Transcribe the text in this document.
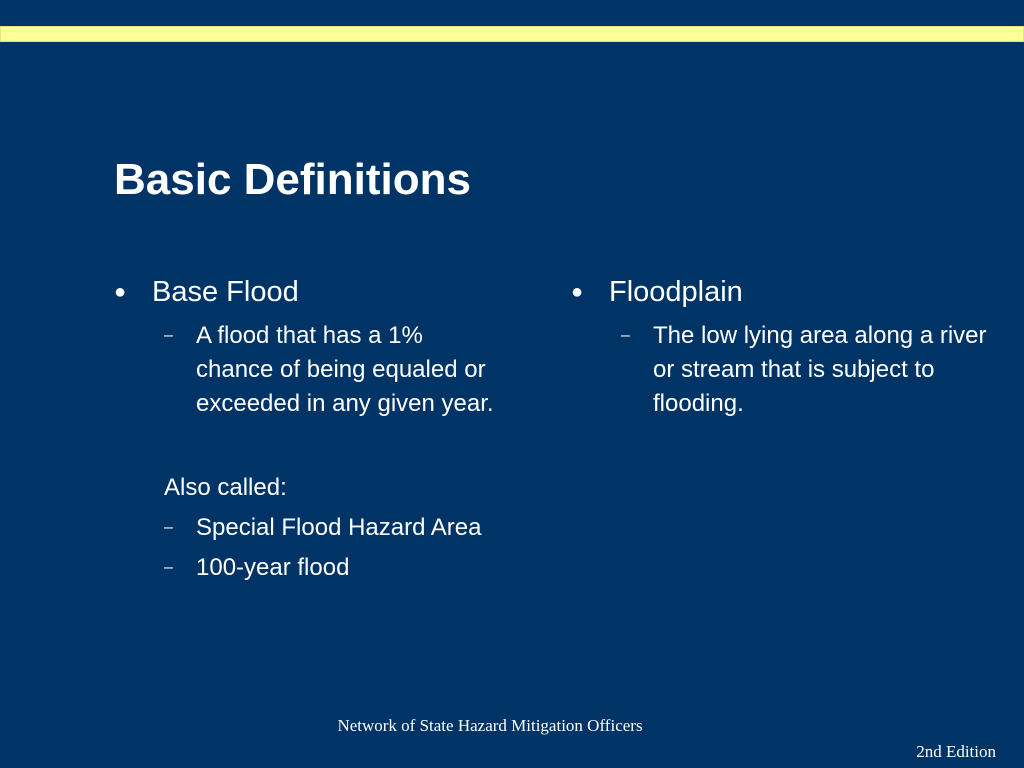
Basic Definitions
● Base Flood
– A flood that has a 1% chance of being equaled or exceeded in any given year.
Also called:
– Special Flood Hazard Area
– 100-year flood
● Floodplain
– The low lying area along a river or stream that is subject to flooding.
Network of State Hazard Mitigation Officers
2nd Edition
